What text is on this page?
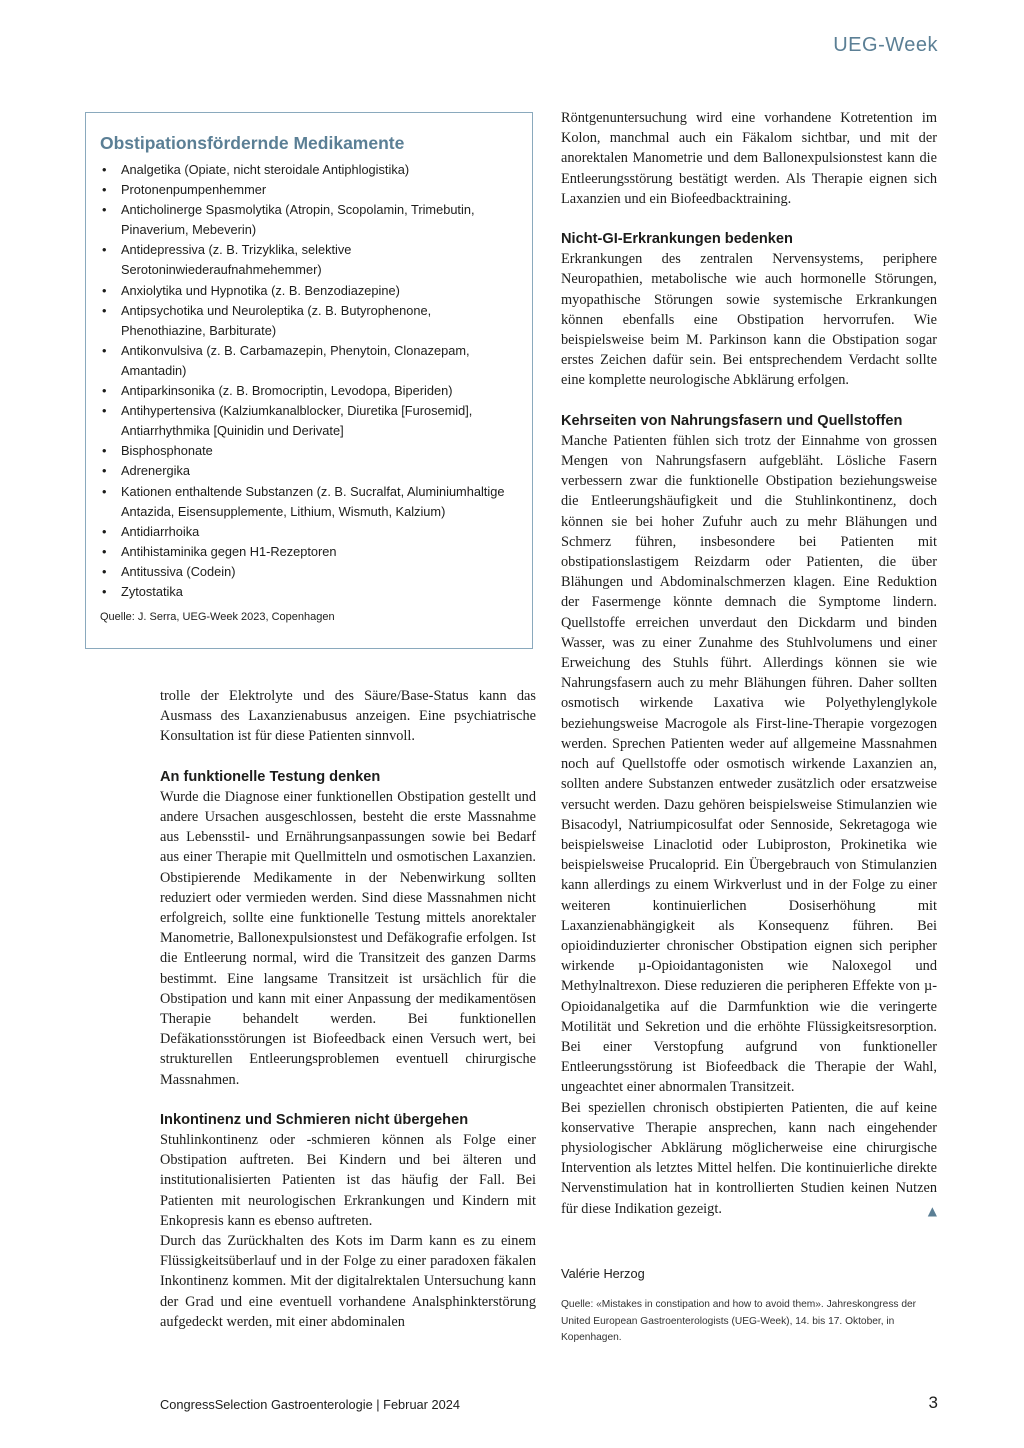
UEG-Week
Obstipationsfördernde Medikamente
• Analgetika (Opiate, nicht steroidale Antiphlogistika)
• Protonenpumpenhemmer
• Anticholinerge Spasmolytika (Atropin, Scopolamin, Trimebutin, Pinaverium, Mebeverin)
• Antidepressiva (z. B. Trizyklika, selektive Serotoninwiederaufnahmehemmer)
• Anxiolytika und Hypnotika (z. B. Benzodiazepine)
• Antipsychotika und Neuroleptika (z. B. Butyrophenone, Phenothiazine, Barbiturate)
• Antikonvulsiva (z. B. Carbamazepin, Phenytoin, Clonazepam, Amantadin)
• Antiparkinsonika (z. B. Bromocriptin, Levodopa, Biperiden)
• Antihypertensiva (Kalziumkanalblocker, Diuretika [Furosemid], Antiarrhythmika [Quinidin und Derivate]
• Bisphosphonate
• Adrenergika
• Kationen enthaltende Substanzen (z. B. Sucralfat, Aluminiumhaltige Antazida, Eisensupplemente, Lithium, Wismuth, Kalzium)
• Antidiarrhoika
• Antihistaminika gegen H1-Rezeptoren
• Antitussiva (Codein)
• Zytostatika
Quelle: J. Serra, UEG-Week 2023, Copenhagen

trolle der Elektrolyte und des Säure/Base-Status kann das Ausmass des Laxanzienabusus anzeigen. Eine psychiatrische Konsultation ist für diese Patienten sinnvoll.

An funktionelle Testung denken

Wurde die Diagnose einer funktionellen Obstipation gestellt und andere Ursachen ausgeschlossen, besteht die erste Massnahme aus Lebensstil- und Ernährungsanpassungen sowie bei Bedarf aus einer Therapie mit Quellmitteln und osmotischen Laxanzien. Obstipierende Medikamente in der Nebenwirkung sollten reduziert oder vermieden werden. Sind diese Massnahmen nicht erfolgreich, sollte eine funktionelle Testung mittels anorektaler Manometrie, Ballonexpulsionstest und Defäkografie erfolgen. Ist die Entleerung normal, wird die Transitzeit des ganzen Darms bestimmt. Eine langsame Transitzeit ist ursächlich für die Obstipation und kann mit einer Anpassung der medikamentösen Therapie behandelt werden. Bei funktionellen Defäkationsstörungen ist Biofeedback einen Versuch wert, bei strukturellen Entleerungsproblemen eventuell chirurgische Massnahmen.

Inkontinenz und Schmieren nicht übergehen

Stuhlinkontinenz oder -schmieren können als Folge einer Obstipation auftreten. Bei Kindern und bei älteren und institutionalisierten Patienten ist das häufig der Fall. Bei Patienten mit neurologischen Erkrankungen und Kindern mit Enkopresis kann es ebenso auftreten.

Durch das Zurückhalten des Kots im Darm kann es zu einem Flüssigkeitsüberlauf und in der Folge zu einer paradoxen fäkalen Inkontinenz kommen. Mit der digitalrektalen Untersuchung kann der Grad und eine eventuell vorhandene Analsphinkterstörung aufgedeckt werden, mit einer abdominalen

Röntgenuntersuchung wird eine vorhandene Kotretention im Kolon, manchmal auch ein Fäkalom sichtbar, und mit der anorektalen Manometrie und dem Ballonexpulsionstest kann die Entleerungsstörung bestätigt werden. Als Therapie eignen sich Laxanzien und ein Biofeedbacktraining.

Nicht-GI-Erkrankungen bedenken

Erkrankungen des zentralen Nervensystems, periphere Neuropathien, metabolische wie auch hormonelle Störungen, myopathische Störungen sowie systemische Erkrankungen können ebenfalls eine Obstipation hervorrufen. Wie beispielsweise beim M. Parkinson kann die Obstipation sogar erstes Zeichen dafür sein. Bei entsprechendem Verdacht sollte eine komplette neurologische Abklärung erfolgen.

Kehrseiten von Nahrungsfasern und Quellstoffen

Manche Patienten fühlen sich trotz der Einnahme von grossen Mengen von Nahrungsfasern aufgebläht. Lösliche Fasern verbessern zwar die funktionelle Obstipation beziehungsweise die Entleerungshäufigkeit und die Stuhlinkontinenz, doch können sie bei hoher Zufuhr auch zu mehr Blähungen und Schmerz führen, insbesondere bei Patienten mit obstipationslastigem Reizdarm oder Patienten, die über Blähungen und Abdominalschmerzen klagen. Eine Reduktion der Fasermenge könnte demnach die Symptome lindern. Quellstoffe erreichen unverdaut den Dickdarm und binden Wasser, was zu einer Zunahme des Stuhlvolumens und einer Erweichung des Stuhls führt. Allerdings können sie wie Nahrungsfasern auch zu mehr Blähungen führen. Daher sollten osmotisch wirkende Laxativa wie Polyethylenglykole beziehungsweise Macrogole als First-line-Therapie vorgezogen werden. Sprechen Patienten weder auf allgemeine Massnahmen noch auf Quellstoffe oder osmotisch wirkende Laxanzien an, sollten andere Substanzen entweder zusätzlich oder ersatzweise versucht werden. Dazu gehören beispielsweise Stimulanzien wie Bisacodyl, Natriumpicosulfat oder Sennoside, Sekretagoga wie beispielsweise Linaclotid oder Lubiproston, Prokinetika wie beispielsweise Prucaloprid. Ein Übergebrauch von Stimulanzien kann allerdings zu einem Wirkverlust und in der Folge zu einer weiteren kontinuierlichen Dosiserhöhung mit Laxanzienabhängigkeit als Konsequenz führen. Bei opioidinduzierter chronischer Obstipation eignen sich peripher wirkende µ-Opioidantagonisten wie Naloxegol und Methylnaltrexon. Diese reduzieren die peripheren Effekte von µ-Opioidanalgetika auf die Darmfunktion wie die veringerte Motilität und Sekretion und die erhöhte Flüssigkeitsresorption. Bei einer Verstopfung aufgrund von funktioneller Entleerungsstörung ist Biofeedback die Therapie der Wahl, ungeachtet einer abnormalen Transitzeit.

Bei speziellen chronisch obstipierten Patienten, die auf keine konservative Therapie ansprechen, kann nach eingehender physiologischer Abklärung möglicherweise eine chirurgische Intervention als letztes Mittel helfen. Die kontinuierliche direkte Nervenstimulation hat in kontrollierten Studien keinen Nutzen für diese Indikation gezeigt.	▲

Valérie Herzog
Quelle: «Mistakes in constipation and how to avoid them». Jahreskongress der United European Gastroenterologists (UEG-Week), 14. bis 17. Oktober, in Kopenhagen.
CongressSelection Gastroenterologie | Februar 2024	3
